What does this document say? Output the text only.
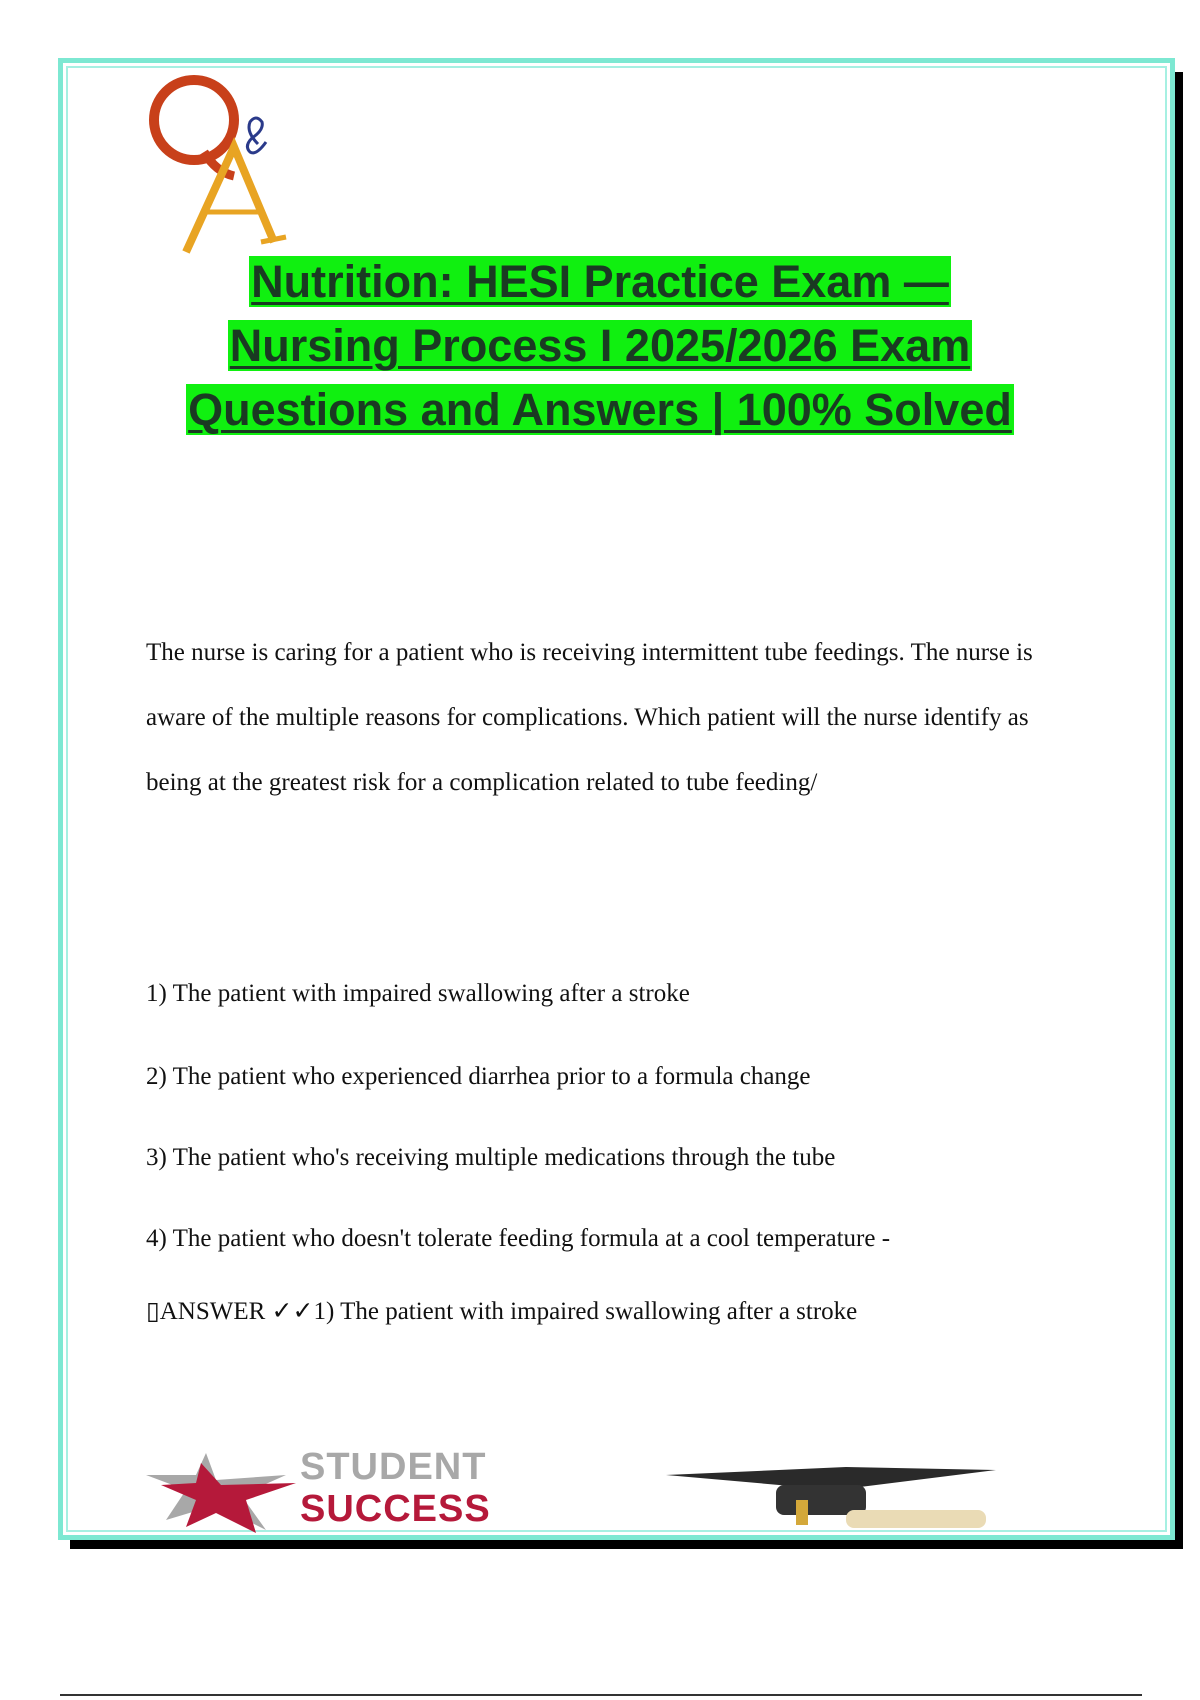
Nutrition: HESI Practice Exam —
Nursing Process I 2025/2026 Exam
Questions and Answers | 100% Solved
The nurse is caring for a patient who is receiving intermittent tube feedings. The nurse is aware of the multiple reasons for complications. Which patient will the nurse identify as being at the greatest risk for a complication related to tube feeding/
1) The patient with impaired swallowing after a stroke
2) The patient who experienced diarrhea prior to a formula change
3) The patient who's receiving multiple medications through the tube
4) The patient who doesn't tolerate feeding formula at a cool temperature -
▯ANSWER ✓✓1) The patient with impaired swallowing after a stroke
STUDENT
SUCCESS
